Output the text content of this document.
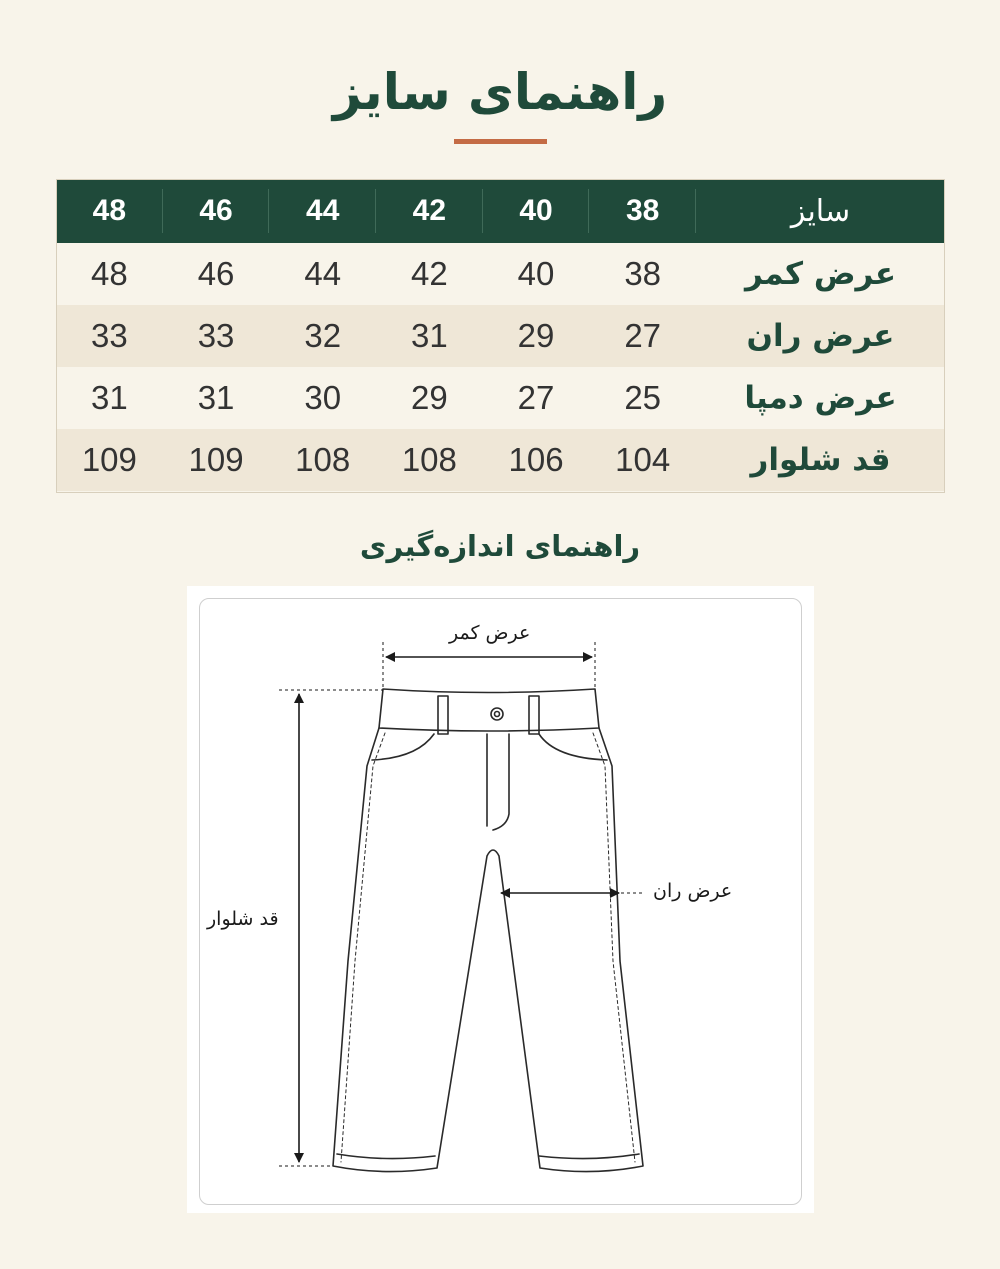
راهنمای سایز
سایز	38	40	42	44	46	48
عرض کمر	38	40	42	44	46	48
عرض ران	27	29	31	32	33	33
عرض دمپا	25	27	29	30	31	31
قد شلوار	104	106	108	108	109	109
راهنمای اندازه‌گیری
عرض کمر
عرض ران
قد شلوار
